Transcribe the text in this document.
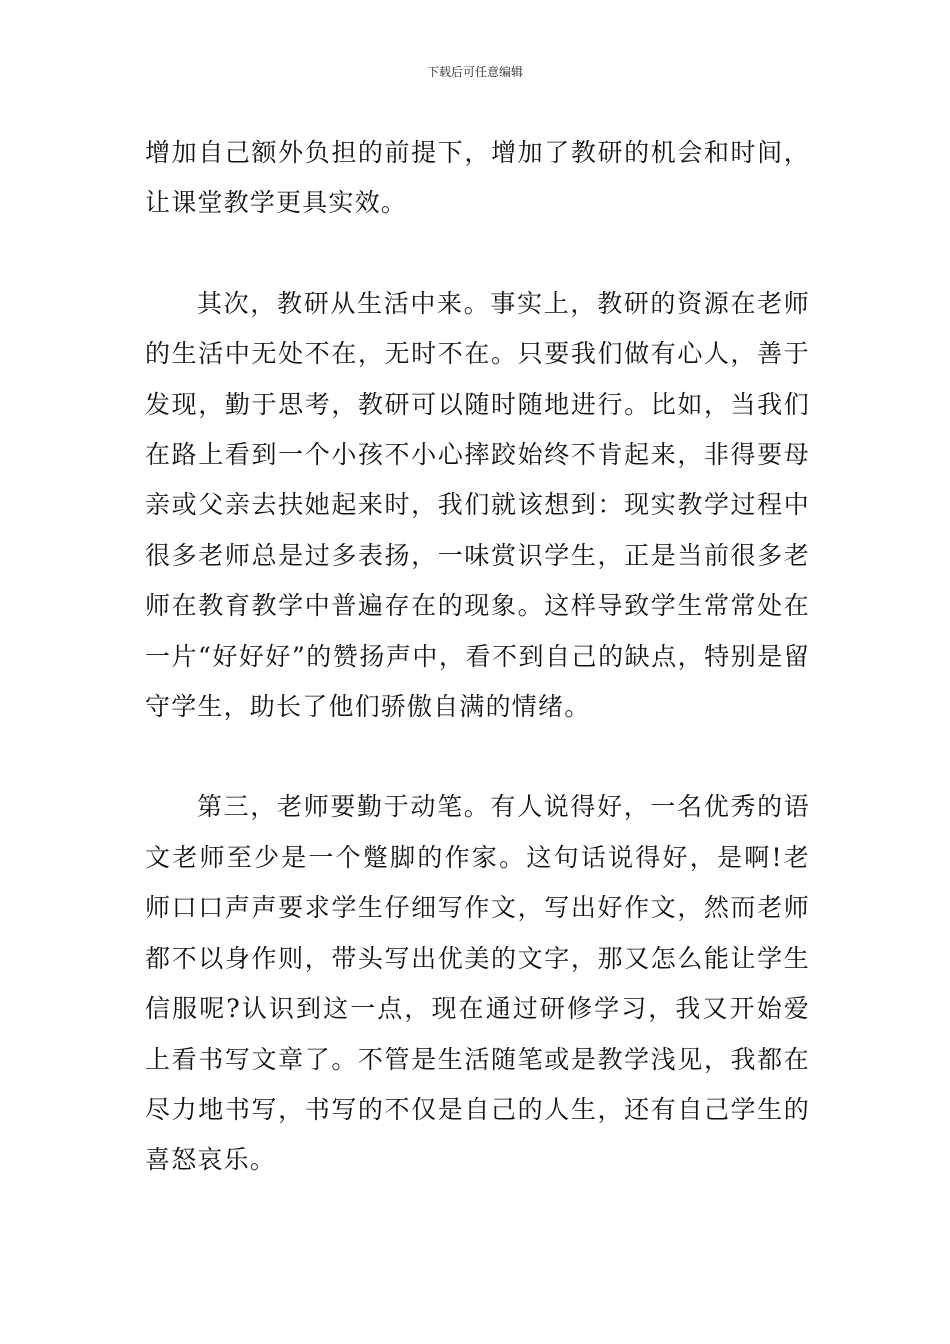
下载后可任意编辑

增加自己额外负担的前提下，增加了教研的机会和时间，让课堂教学更具实效。

其次，教研从生活中来。事实上，教研的资源在老师的生活中无处不在，无时不在。只要我们做有心人，善于发现，勤于思考，教研可以随时随地进行。比如，当我们在路上看到一个小孩不小心摔跤始终不肯起来，非得要母亲或父亲去扶她起来时，我们就该想到：现实教学过程中很多老师总是过多表扬，一味赏识学生，正是当前很多老师在教育教学中普遍存在的现象。这样导致学生常常处在一片“好好好”的赞扬声中，看不到自己的缺点，特别是留守学生，助长了他们骄傲自满的情绪。

第三，老师要勤于动笔。有人说得好，一名优秀的语文老师至少是一个蹩脚的作家。这句话说得好，是啊!老师口口声声要求学生仔细写作文，写出好作文，然而老师都不以身作则，带头写出优美的文字，那又怎么能让学生信服呢?认识到这一点，现在通过研修学习，我又开始爱上看书写文章了。不管是生活随笔或是教学浅见，我都在尽力地书写，书写的不仅是自己的人生，还有自己学生的喜怒哀乐。
